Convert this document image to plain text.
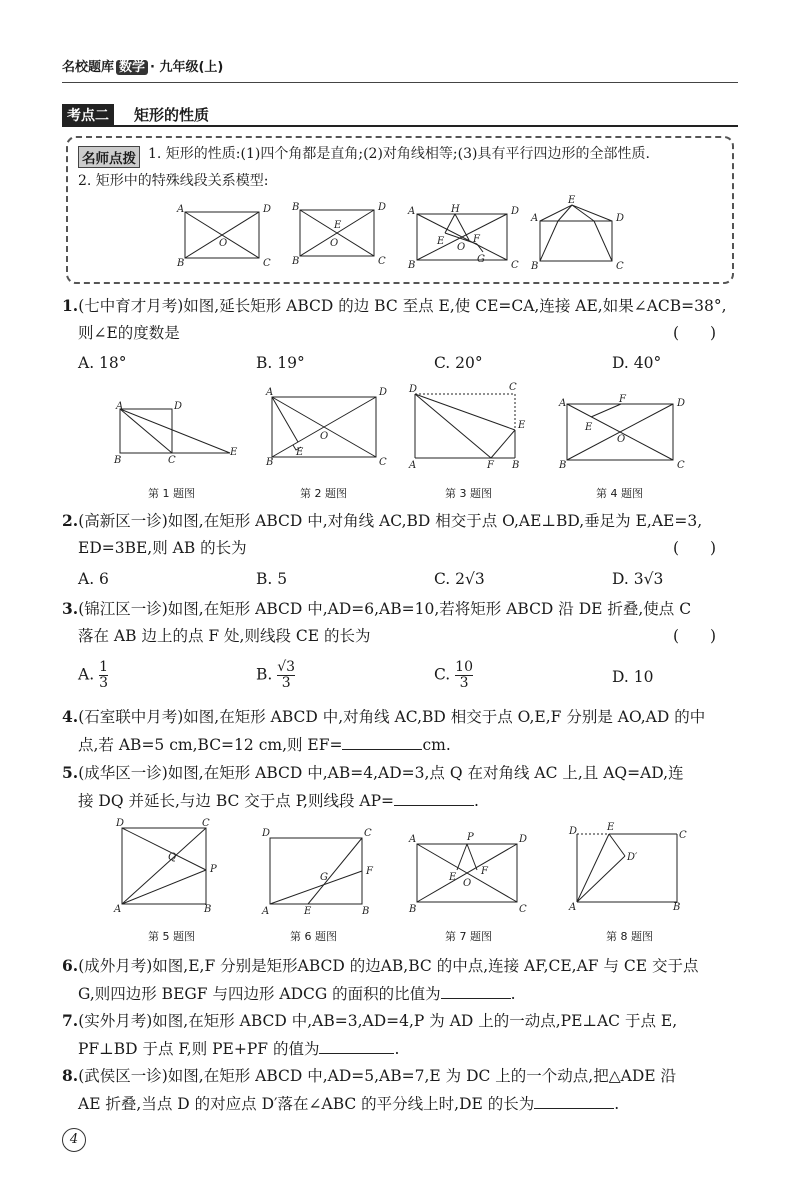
名校题库 数学 · 九年级(上)
考点二	矩形的性质
名师点拨 1. 矩形的性质:(1)四个角都是直角;(2)对角线相等;(3)具有平行四边形的全部性质.
2. 矩形中的特殊线段关系模型:
A	D
B	C
O
B	D
B	C
E
O
A	D
B	C
H
E
O
F
G
E
A	D
B	C
1.(七中育才月考)如图,延长矩形 ABCD 的边 BC 至点 E,使 CE=CA,连接 AE,如果∠ACB=38°,
则∠E的度数是	(　　)
A. 18°	B. 19°	C. 20°	D. 40°
A	D
B	C
E
A	D
B	C
E
O
D	C
E
A	F B
A	D
B	C
F
E
O
第 1 题图	第 2 题图	第 3 题图	第 4 题图
2.(高新区一诊)如图,在矩形 ABCD 中,对角线 AC,BD 相交于点 O,AE⊥BD,垂足为 E,AE=3,
ED=3BE,则 AB 的长为	(　　)
A. 6	B. 5	C. 2√3	D. 3√3
3.(锦江区一诊)如图,在矩形 ABCD 中,AD=6,AB=10,若将矩形 ABCD 沿 DE 折叠,使点 C
落在 AB 边上的点 F 处,则线段 CE 的长为	(　　)
A. $\frac{1}{3}$	B. $\frac{√3}{3}$	C. $\frac{10}{3}$	D. 10
4.(石室联中月考)如图,在矩形 ABCD 中,对角线 AC,BD 相交于点 O,E,F 分别是 AO,AD 的中
点,若 AB=5 cm,BC=12 cm,则 EF=	cm.
5.(成华区一诊)如图,在矩形 ABCD 中,AB=4,AD=3,点 Q 在对角线 AC 上,且 AQ=AD,连
接 DQ 并延长,与边 BC 交于点 P,则线段 AP=	.
D	C
P
Q
A	B
D	C
F
G
A	E	B
A	P	D
E
F
O
B	C
D	E
C
D′
A	B
第 5 题图	第 6 题图	第 7 题图	第 8 题图
6.(成外月考)如图,E,F 分别是矩形ABCD 的边AB,BC 的中点,连接 AF,CE,AF 与 CE 交于点
G,则四边形 BEGF 与四边形 ADCG 的面积的比值为	.
7.(实外月考)如图,在矩形 ABCD 中,AB=3,AD=4,P 为 AD 上的一动点,PE⊥AC 于点 E,
PF⊥BD 于点 F,则 PE+PF 的值为	.
8.(武侯区一诊)如图,在矩形 ABCD 中,AD=5,AB=7,E 为 DC 上的一个动点,把△ADE 沿
AE 折叠,当点 D 的对应点 D′落在∠ABC 的平分线上时,DE 的长为	.
4
